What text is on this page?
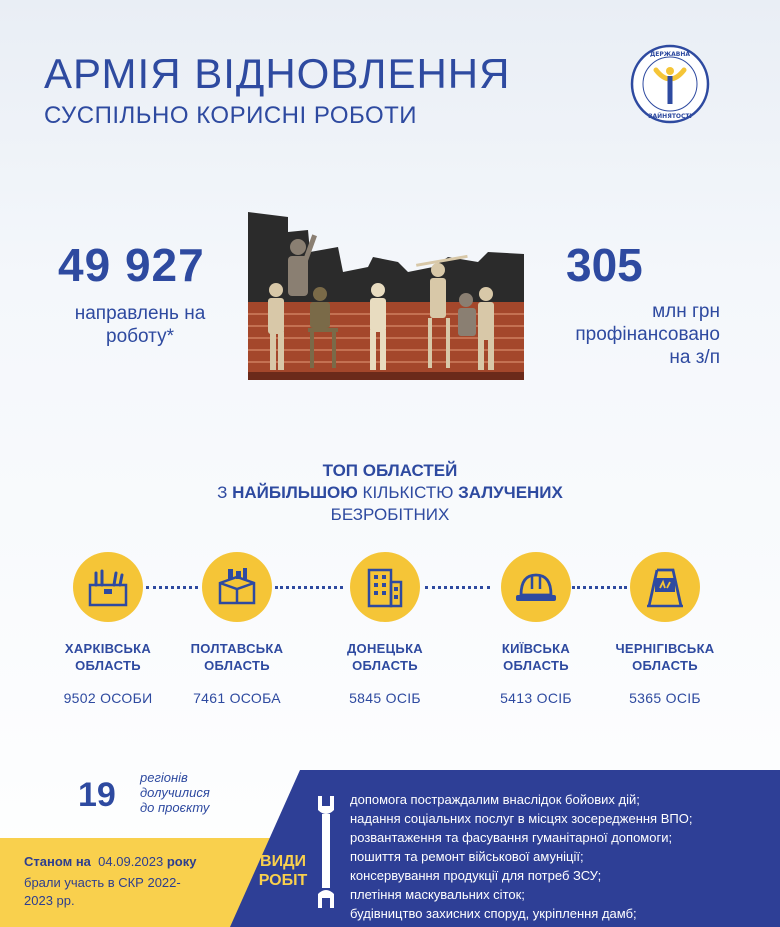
АРМІЯ ВІДНОВЛЕННЯ
СУСПІЛЬНО КОРИСНІ РОБОТИ
ДЕРЖАВНА
ЗАЙНЯТОСТІ
49 927
направлень на роботу*
305
млн грн
профінансовано
на з/п
ТОП ОБЛАСТЕЙ
З НАЙБІЛЬШОЮ КІЛЬКІСТЮ ЗАЛУЧЕНИХ
БЕЗРОБІТНИХ
ХАРКІВСЬКА
ОБЛАСТЬ
9502 ОСОБИ
ПОЛТАВСЬКА
ОБЛАСТЬ
7461 ОСОБА
ДОНЕЦЬКА
ОБЛАСТЬ
5845 ОСІБ
КИЇВСЬКА
ОБЛАСТЬ
5413 ОСІБ
ЧЕРНІГІВСЬКА
ОБЛАСТЬ
5365 ОСІБ
19 регіонів
долучилися
до проєкту
Станом на 04.09.2023 року
брали участь в СКР 2022-2023 рр.
ВИДИ
РОБІТ
допомога постраждалим внаслідок бойових дій;
надання соціальних послуг в місцях зосередження ВПО;
розвантаження та фасування гуманітарної допомоги;
пошиття та ремонт військової амуніції;
консервування продукції для потреб ЗСУ;
плетіння маскувальних сіток;
будівництво захисних споруд, укріплення дамб;
